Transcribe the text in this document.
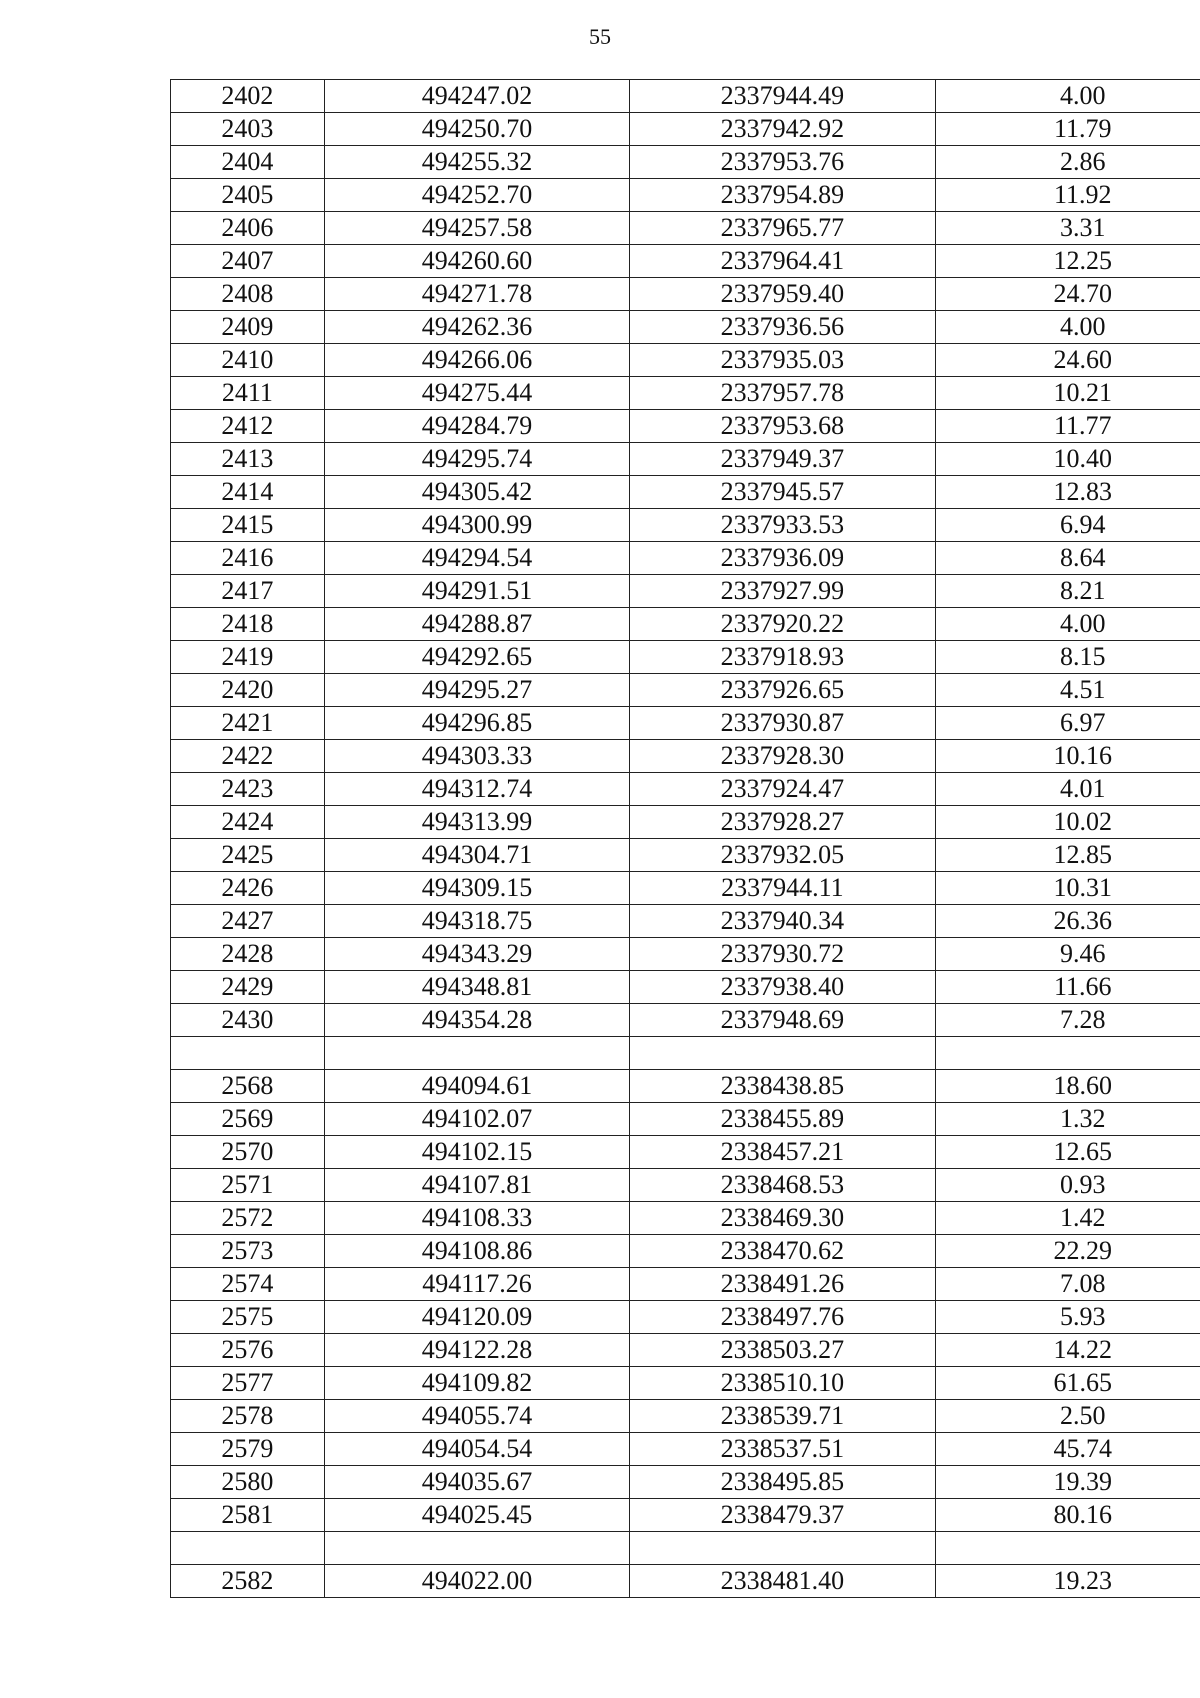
55
2402	494247.02	2337944.49	4.00
2403	494250.70	2337942.92	11.79
2404	494255.32	2337953.76	2.86
2405	494252.70	2337954.89	11.92
2406	494257.58	2337965.77	3.31
2407	494260.60	2337964.41	12.25
2408	494271.78	2337959.40	24.70
2409	494262.36	2337936.56	4.00
2410	494266.06	2337935.03	24.60
2411	494275.44	2337957.78	10.21
2412	494284.79	2337953.68	11.77
2413	494295.74	2337949.37	10.40
2414	494305.42	2337945.57	12.83
2415	494300.99	2337933.53	6.94
2416	494294.54	2337936.09	8.64
2417	494291.51	2337927.99	8.21
2418	494288.87	2337920.22	4.00
2419	494292.65	2337918.93	8.15
2420	494295.27	2337926.65	4.51
2421	494296.85	2337930.87	6.97
2422	494303.33	2337928.30	10.16
2423	494312.74	2337924.47	4.01
2424	494313.99	2337928.27	10.02
2425	494304.71	2337932.05	12.85
2426	494309.15	2337944.11	10.31
2427	494318.75	2337940.34	26.36
2428	494343.29	2337930.72	9.46
2429	494348.81	2337938.40	11.66
2430	494354.28	2337948.69	7.28

2568	494094.61	2338438.85	18.60
2569	494102.07	2338455.89	1.32
2570	494102.15	2338457.21	12.65
2571	494107.81	2338468.53	0.93
2572	494108.33	2338469.30	1.42
2573	494108.86	2338470.62	22.29
2574	494117.26	2338491.26	7.08
2575	494120.09	2338497.76	5.93
2576	494122.28	2338503.27	14.22
2577	494109.82	2338510.10	61.65
2578	494055.74	2338539.71	2.50
2579	494054.54	2338537.51	45.74
2580	494035.67	2338495.85	19.39
2581	494025.45	2338479.37	80.16

2582	494022.00	2338481.40	19.23
